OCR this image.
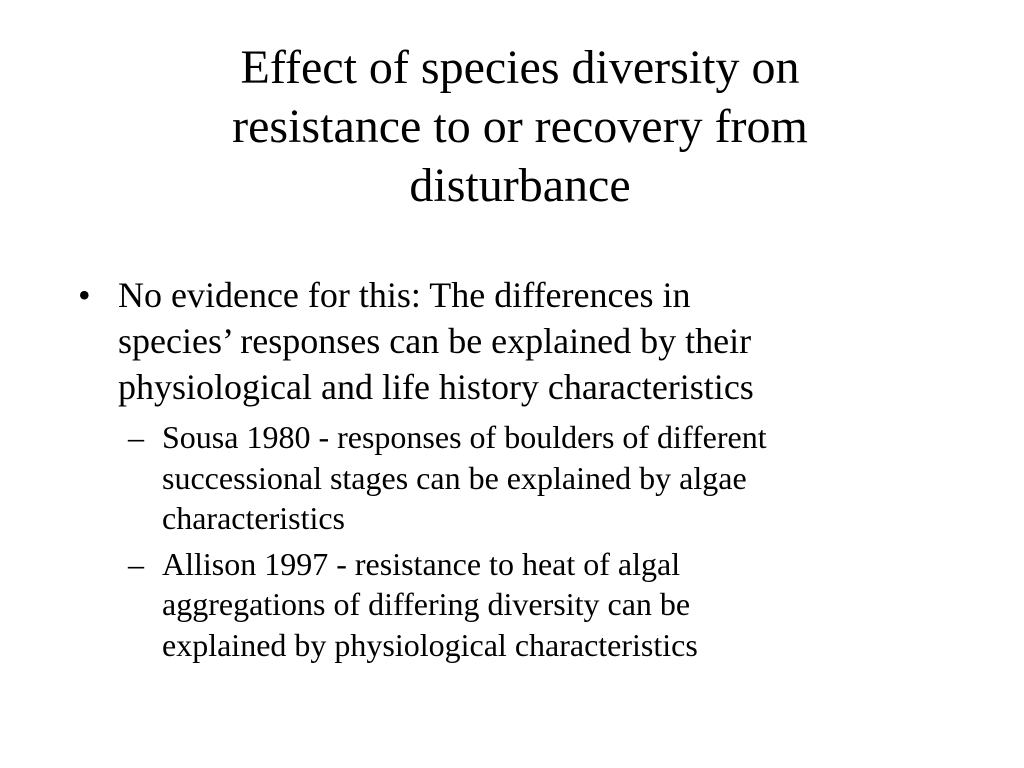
Effect of species diversity on
resistance to or recovery from
disturbance
• No evidence for this: The differences in
species’ responses can be explained by their
physiological and life history characteristics
– Sousa 1980 - responses of boulders of different
successional stages can be explained by algae
characteristics
– Allison 1997 - resistance to heat of algal
aggregations of differing diversity can be
explained by physiological characteristics
